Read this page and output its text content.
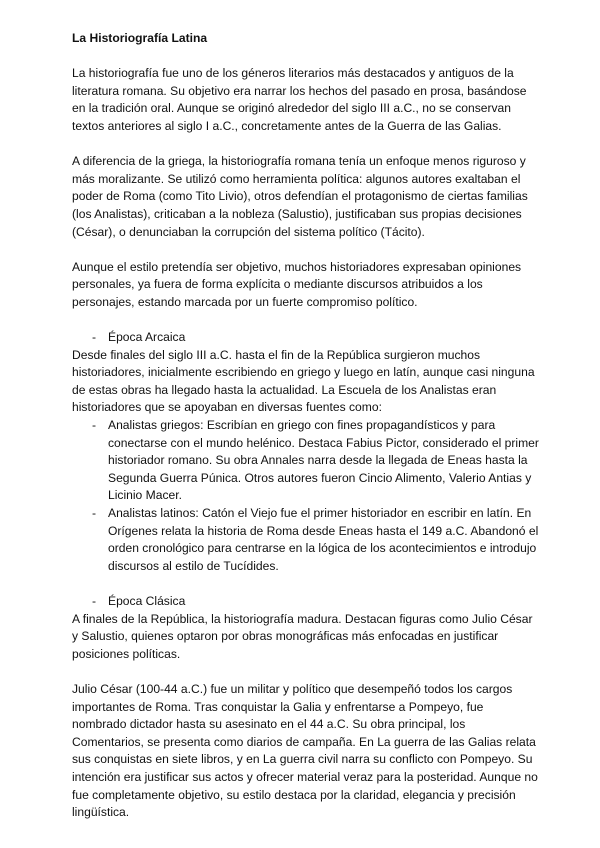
La Historiografía Latina

La historiografía fue uno de los géneros literarios más destacados y antiguos de la literatura romana. Su objetivo era narrar los hechos del pasado en prosa, basándose en la tradición oral. Aunque se originó alrededor del siglo III a.C., no se conservan textos anteriores al siglo I a.C., concretamente antes de la Guerra de las Galias.

A diferencia de la griega, la historiografía romana tenía un enfoque menos riguroso y más moralizante. Se utilizó como herramienta política: algunos autores exaltaban el poder de Roma (como Tito Livio), otros defendían el protagonismo de ciertas familias (los Analistas), criticaban a la nobleza (Salustio), justificaban sus propias decisiones (César), o denunciaban la corrupción del sistema político (Tácito).

Aunque el estilo pretendía ser objetivo, muchos historiadores expresaban opiniones personales, ya fuera de forma explícita o mediante discursos atribuidos a los personajes, estando marcada por un fuerte compromiso político.

- Época Arcaica

Desde finales del siglo III a.C. hasta el fin de la República surgieron muchos historiadores, inicialmente escribiendo en griego y luego en latín, aunque casi ninguna de estas obras ha llegado hasta la actualidad. La Escuela de los Analistas eran historiadores que se apoyaban en diversas fuentes como:

- Analistas griegos: Escribían en griego con fines propagandísticos y para conectarse con el mundo helénico. Destaca Fabius Pictor, considerado el primer historiador romano. Su obra Annales narra desde la llegada de Eneas hasta la Segunda Guerra Púnica. Otros autores fueron Cincio Alimento, Valerio Antias y Licinio Macer.
- Analistas latinos: Catón el Viejo fue el primer historiador en escribir en latín. En Orígenes relata la historia de Roma desde Eneas hasta el 149 a.C. Abandonó el orden cronológico para centrarse en la lógica de los acontecimientos e introdujo discursos al estilo de Tucídides.
- Época Clásica

A finales de la República, la historiografía madura. Destacan figuras como Julio César y Salustio, quienes optaron por obras monográficas más enfocadas en justificar posiciones políticas.

Julio César (100-44 a.C.) fue un militar y político que desempeñó todos los cargos importantes de Roma. Tras conquistar la Galia y enfrentarse a Pompeyo, fue nombrado dictador hasta su asesinato en el 44 a.C. Su obra principal, los Comentarios, se presenta como diarios de campaña. En La guerra de las Galias relata sus conquistas en siete libros, y en La guerra civil narra su conflicto con Pompeyo. Su intención era justificar sus actos y ofrecer material veraz para la posteridad. Aunque no fue completamente objetivo, su estilo destaca por la claridad, elegancia y precisión lingüística.
